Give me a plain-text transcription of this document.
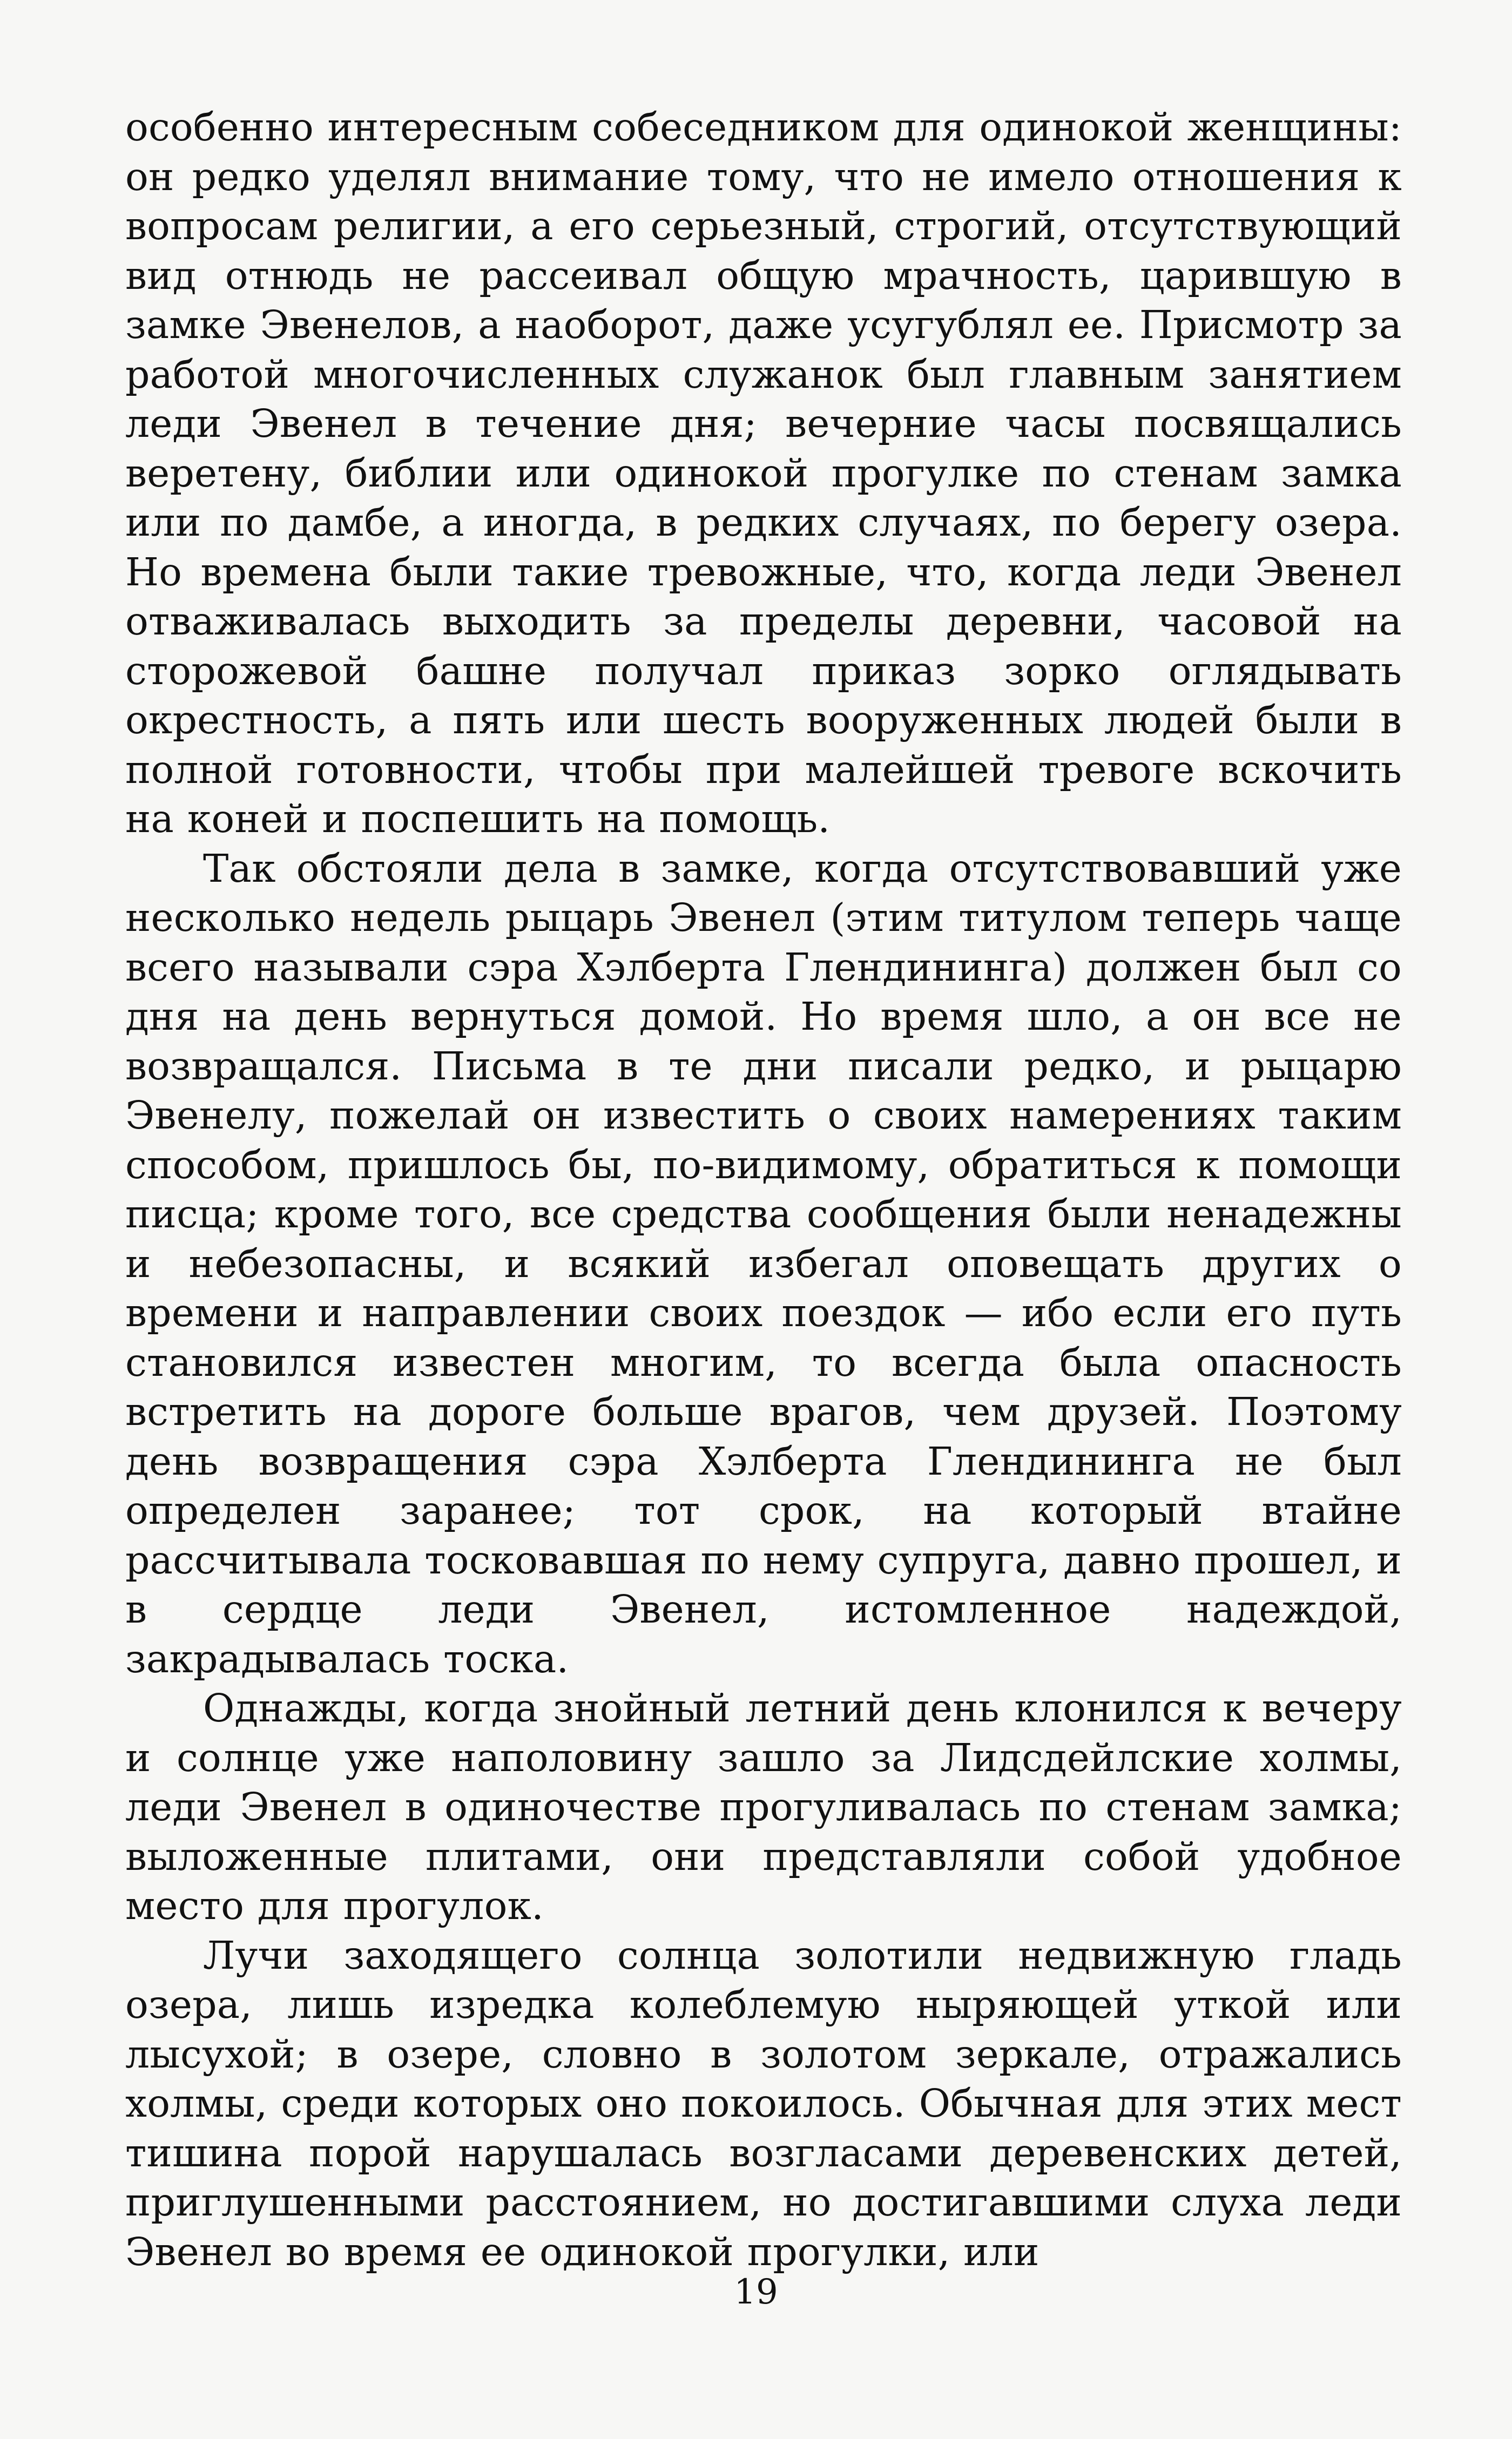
особенно интересным собеседником для одинокой женщины: он редко уделял внимание тому, что не имело отношения к вопросам религии, а его серьезный, строгий, отсутствующий вид отнюдь не рассеивал общую мрачность, царившую в замке Эвенелов, а наоборот, даже усугублял ее. Присмотр за работой многочисленных служанок был главным занятием леди Эвенел в течение дня; вечерние часы посвящались веретену, библии или одинокой прогулке по стенам замка или по дамбе, а иногда, в редких случаях, по берегу озера. Но времена были такие тревожные, что, когда леди Эвенел отваживалась выходить за пределы деревни, часовой на сторожевой башне получал приказ зорко оглядывать окрестность, а пять или шесть вооруженных людей были в полной готовности, чтобы при малейшей тревоге вскочить на коней и поспешить на помощь.

Так обстояли дела в замке, когда отсутствовавший уже несколько недель рыцарь Эвенел (этим титулом теперь чаще всего называли сэра Хэлберта Глендининга) должен был со дня на день вернуться домой. Но время шло, а он все не возвращался. Письма в те дни писали редко, и рыцарю Эвенелу, пожелай он известить о своих намерениях таким способом, пришлось бы, по-видимому, обратиться к помощи писца; кроме того, все средства сообщения были ненадежны и небезопасны, и всякий избегал оповещать других о времени и направлении своих поездок — ибо если его путь становился известен многим, то всегда была опасность встретить на дороге больше врагов, чем друзей. Поэтому день возвращения сэра Хэлберта Глендининга не был определен заранее; тот срок, на который втайне рассчитывала тосковавшая по нему супруга, давно прошел, и в сердце леди Эвенел, истомленное надеждой, закрадывалась тоска.

Однажды, когда знойный летний день клонился к вечеру и солнце уже наполовину зашло за Лидсдейлские холмы, леди Эвенел в одиночестве прогуливалась по стенам замка; выложенные плитами, они представляли собой удобное место для прогулок.

Лучи заходящего солнца золотили недвижную гладь озера, лишь изредка колеблемую ныряющей уткой или лысухой; в озере, словно в золотом зеркале, отражались холмы, среди которых оно покоилось. Обычная для этих мест тишина порой нарушалась возгласами деревенских детей, приглушенными расстоянием, но достигавшими слуха леди Эвенел во время ее одинокой прогулки, или

19
